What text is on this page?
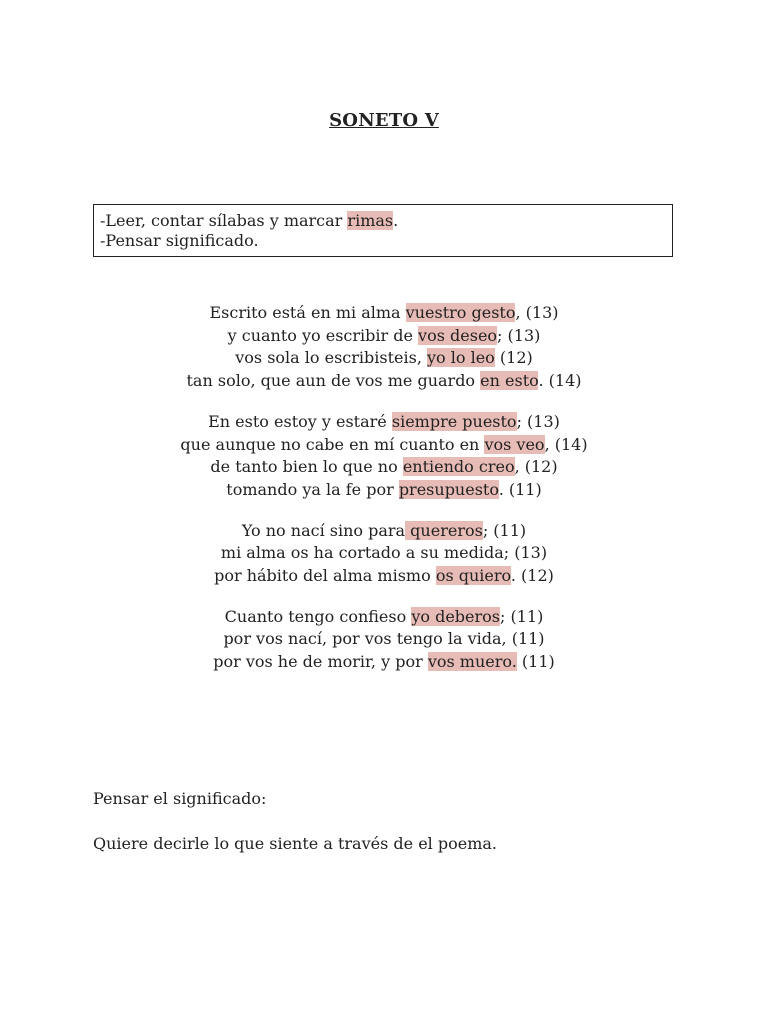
SONETO V
-Leer, contar sílabas y marcar rimas.
-Pensar significado.
Escrito está en mi alma vuestro gesto, (13)
y cuanto yo escribir de vos deseo; (13)
vos sola lo escribisteis, yo lo leo (12)
tan solo, que aun de vos me guardo en esto. (14)
En esto estoy y estaré siempre puesto; (13)
que aunque no cabe en mí cuanto en vos veo, (14)
de tanto bien lo que no entiendo creo, (12)
tomando ya la fe por presupuesto. (11)
Yo no nací sino para quereros; (11)
mi alma os ha cortado a su medida; (13)
por hábito del alma mismo os quiero. (12)
Cuanto tengo confieso yo deberos; (11)
por vos nací, por vos tengo la vida, (11)
por vos he de morir, y por vos muero. (11)
Pensar el significado:
Quiere decirle lo que siente a través de el poema.
